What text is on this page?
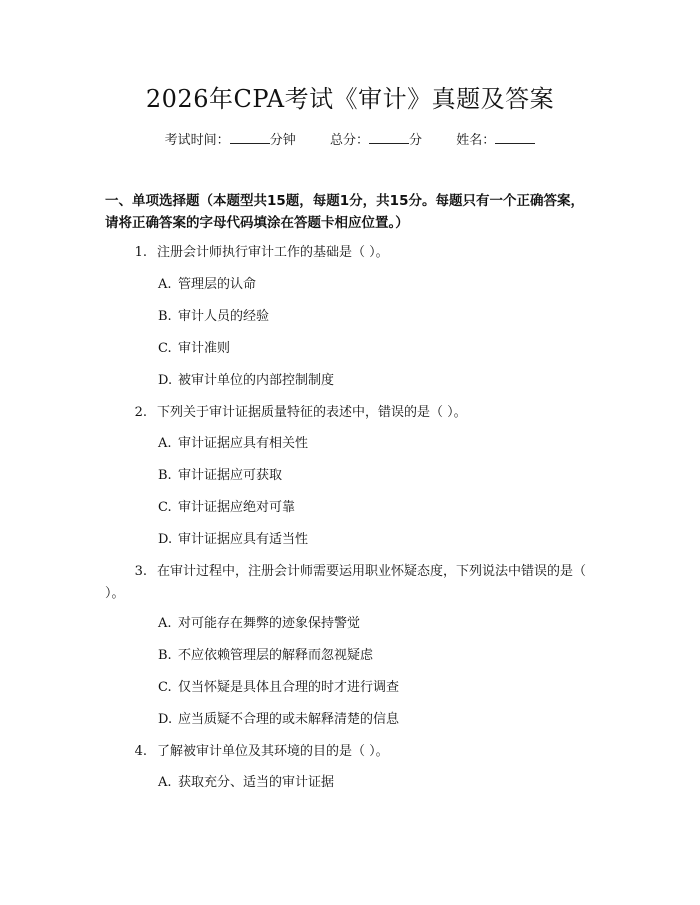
2026年CPA考试《审计》真题及答案
考试时间：	分钟	总分：	分	姓名：
一、单项选择题（本题型共15题，每题1分，共15分。每题只有一个正确答案，请将正确答案的字母代码填涂在答题卡相应位置。）
1. 注册会计师执行审计工作的基础是（ ）。
A. 管理层的认命
B. 审计人员的经验
C. 审计准则
D. 被审计单位的内部控制制度
2. 下列关于审计证据质量特征的表述中，错误的是（ ）。
A. 审计证据应具有相关性
B. 审计证据应可获取
C. 审计证据应绝对可靠
D. 审计证据应具有适当性
3. 在审计过程中，注册会计师需要运用职业怀疑态度，下列说法中错误的是（ ）。
A. 对可能存在舞弊的迹象保持警觉
B. 不应依赖管理层的解释而忽视疑虑
C. 仅当怀疑是具体且合理的时才进行调查
D. 应当质疑不合理的或未解释清楚的信息
4. 了解被审计单位及其环境的目的是（ ）。
A. 获取充分、适当的审计证据
